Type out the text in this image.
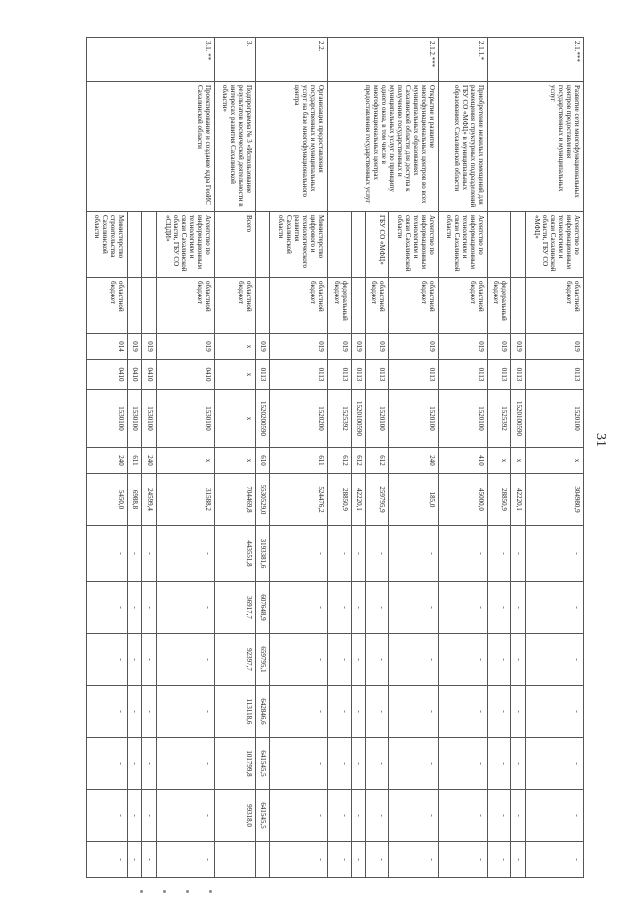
31
2.1.***	Развитие сети многофункциональных центров предоставления государственных и муниципальных услуг	Агентство по информационным технологиям и связи Сахалинской области, ГБУ СО «МФЦ»	областной бюджет	019	0113	1520100	x	304980,9	-	-	-	-	-	-	-
				019	0113	1520100590	x	42220,1	-	-	-	-	-	-	-
			федеральный бюджет	019	0113	1525392	x	28850,9	-	-	-	-	-	-	-
2.1.1.*	Приобретение нежилых помещений для размещения структурных подразделений ГБУ СО «МФЦ» в муниципальных образованиях Сахалинской области	Агентство по информационным технологиям и связи Сахалинской области	областной бюджет	019	0113	1520100	410	45000,0	-	-	-	-	-	-	-
2.1.2.***	Открытие и развитие многофункциональных центров во всех муниципальных образованиях Сахалинской области для доступа к получению государственных и муниципальных услуг по принципу одного окна, в том числе в многофункциональных центрах предоставления государственных услуг	Агентство по информационным технологиям и связи Сахалинской области	областной бюджет	019	0113	1520100	240	185,0	-	-	-	-	-	-	-
		ГБУ СО «МФЦ»	областной бюджет	019	0113	1520100	612	259795,9	-	-	-	-	-	-	-
				019	0113	1520100590	612	42220,1	-	-	-	-	-	-	-
			федеральный бюджет	019	0113	1525392	612	28850,9	-	-	-	-	-	-	-
2.2.	Организация предоставления государственных и муниципальных услуг на базе многофункционального центра	Министерство цифрового и технологического развития Сахалинской области	областной бюджет	019	0113	1520200	611	524476,2	-	-	-	-	-	-	-
				019	0113	1520200590	610	5530529,0	3193381,6	607648,9	659795,1	642846,6	641545,5	641545,5	
3.	Подпрограмма № 3 «Использование результатов космической деятельности в интересах развития Сахалинской области»	Всего	областной бюджет	x	x	x	x	704469,8	443551,8	36917,7	92397,7	113118,6	101799,8	99318,0	
3.1. **	Проектирование и создание ядра ГеоИС Сахалинской области	Агентство по информационным технологиям и связи Сахалинской области, ГБУ СО «СЦДИ»	областной бюджет	019	0410	1530100	x	31588,2	-	-	-	-	-	-	-
				019	0410	1530100	240	24599,4	-	-	-	-	-	-	-
				019	0410	1530100	611	6988,8	-	-	-	-	-	-	-
		Министерство строительства Сахалинской области	областной бюджет	014	0410	1530100	240	5450,0	-	-	-	-	-	-	-
